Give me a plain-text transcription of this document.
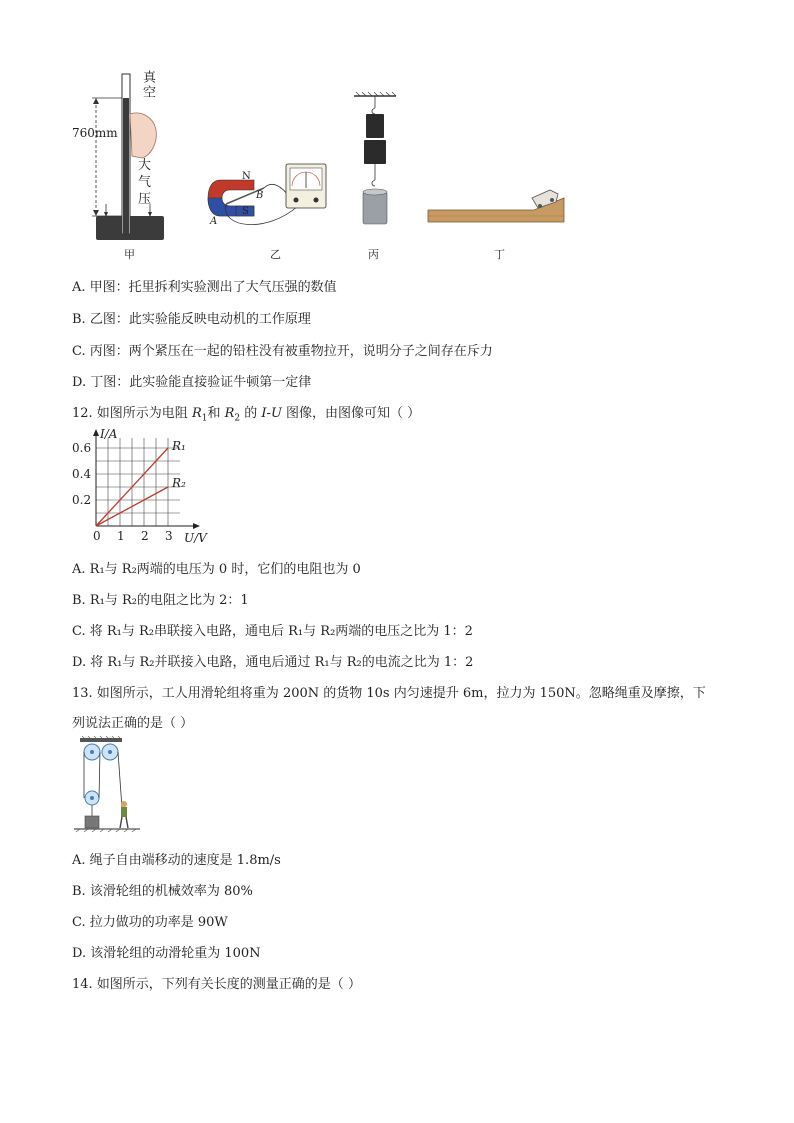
760mm
真空
大
气
压
甲
N
S
A
B
乙	丙	丁
A. 甲图：托里拆利实验测出了大气压强的数值
B. 乙图：此实验能反映电动机的工作原理
C. 丙图：两个紧压在一起的铅柱没有被重物拉开，说明分子之间存在斥力
D. 丁图：此实验能直接验证牛顿第一定律
12. 如图所示为电阻 $R_1$和 $R_2$ 的 I-U 图像，由图像可知（ ）
R₁
R₂
0 1 2 3
0.2
0.4
0.6
U/V
I/A
A. R₁与 R₂两端的电压为 0 时，它们的电阻也为 0
B. R₁与 R₂的电阻之比为 2：1
C. 将 R₁与 R₂串联接入电路，通电后 R₁与 R₂两端的电压之比为 1：2
D. 将 R₁与 R₂并联接入电路，通电后通过 R₁与 R₂的电流之比为 1：2
13. 如图所示，工人用滑轮组将重为 200N 的货物 10s 内匀速提升 6m，拉力为 150N。忽略绳重及摩擦，下
列说法正确的是（ ）
A. 绳子自由端移动的速度是 1.8m/s
B. 该滑轮组的机械效率为 80%
C. 拉力做功的功率是 90W
D. 该滑轮组的动滑轮重为 100N
14. 如图所示，下列有关长度的测量正确的是（ ）
